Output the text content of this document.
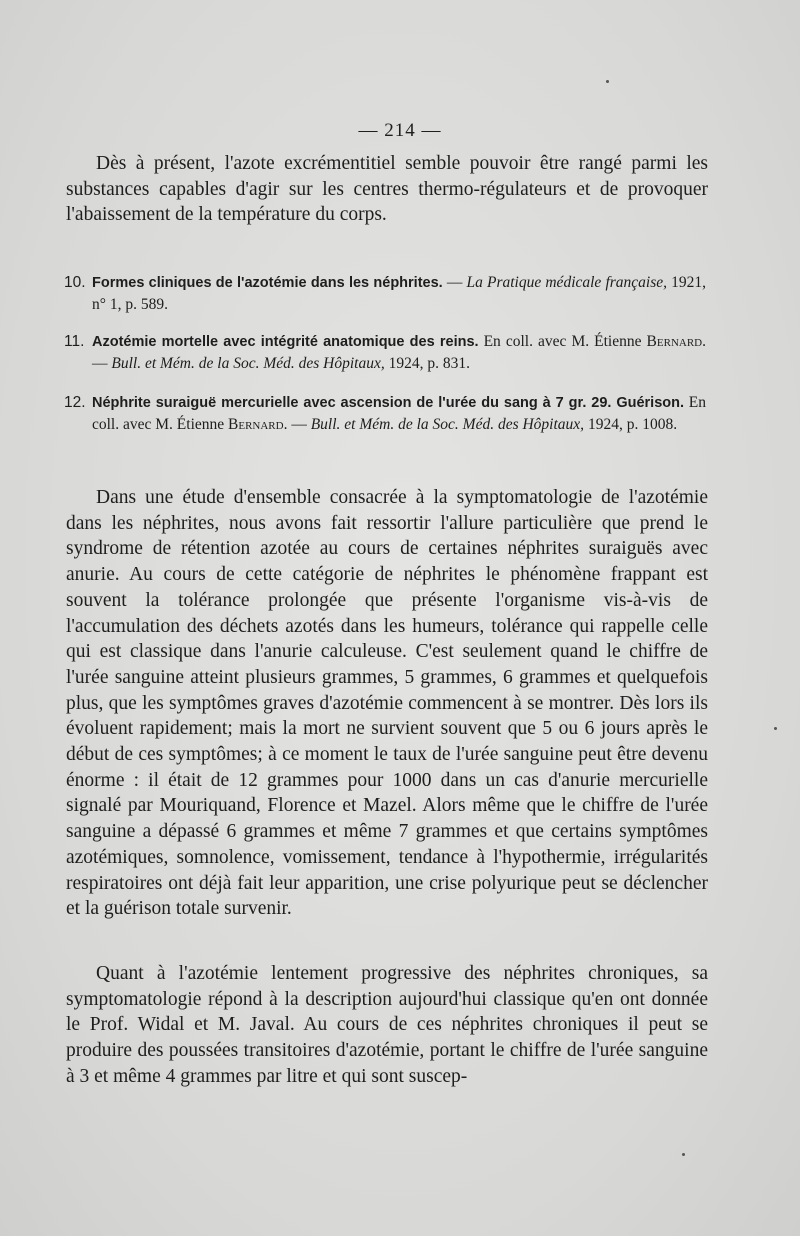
— 214 —

Dès à présent, l'azote excrémentitiel semble pouvoir être rangé parmi les substances capables d'agir sur les centres thermo-régulateurs et de provoquer l'abaissement de la température du corps.

10. Formes cliniques de l'azotémie dans les néphrites. — La Pratique médicale française, 1921, n° 1, p. 589.

11. Azotémie mortelle avec intégrité anatomique des reins. En coll. avec M. Étienne Bernard. — Bull. et Mém. de la Soc. Méd. des Hôpitaux, 1924, p. 831.

12. Néphrite suraiguë mercurielle avec ascension de l'urée du sang à 7 gr. 29. Guérison. En coll. avec M. Étienne Bernard. — Bull. et Mém. de la Soc. Méd. des Hôpitaux, 1924, p. 1008.

Dans une étude d'ensemble consacrée à la symptomatologie de l'azotémie dans les néphrites, nous avons fait ressortir l'allure particulière que prend le syndrome de rétention azotée au cours de certaines néphrites suraiguës avec anurie. Au cours de cette catégorie de néphrites le phénomène frappant est souvent la tolérance prolongée que présente l'organisme vis-à-vis de l'accumulation des déchets azotés dans les humeurs, tolérance qui rappelle celle qui est classique dans l'anurie calculeuse. C'est seulement quand le chiffre de l'urée sanguine atteint plusieurs grammes, 5 grammes, 6 grammes et quelquefois plus, que les symptômes graves d'azotémie commencent à se montrer. Dès lors ils évoluent rapidement; mais la mort ne survient souvent que 5 ou 6 jours après le début de ces symptômes; à ce moment le taux de l'urée sanguine peut être devenu énorme : il était de 12 grammes pour 1000 dans un cas d'anurie mercurielle signalé par Mouriquand, Florence et Mazel. Alors même que le chiffre de l'urée sanguine a dépassé 6 grammes et même 7 grammes et que certains symptômes azotémiques, somnolence, vomissement, tendance à l'hypothermie, irrégularités respiratoires ont déjà fait leur apparition, une crise polyurique peut se déclencher et la guérison totale survenir.

Quant à l'azotémie lentement progressive des néphrites chroniques, sa symptomatologie répond à la description aujourd'hui classique qu'en ont donnée le Prof. Widal et M. Javal. Au cours de ces néphrites chroniques il peut se produire des poussées transitoires d'azotémie, portant le chiffre de l'urée sanguine à 3 et même 4 grammes par litre et qui sont suscep-
